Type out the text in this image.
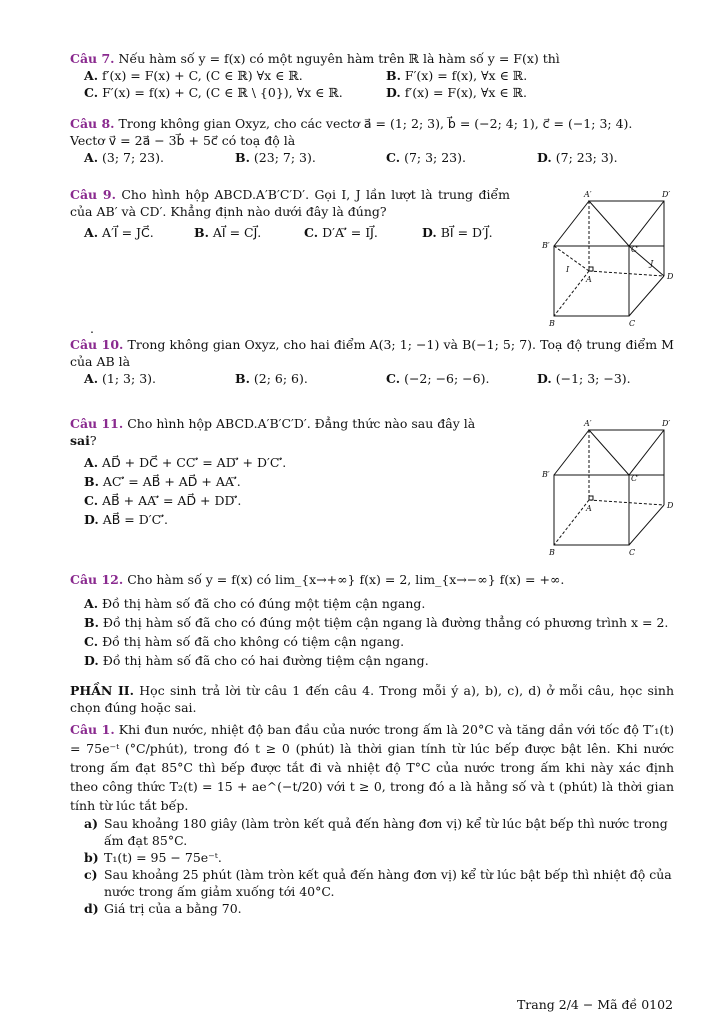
Câu 7. Nếu hàm số y = f(x) có một nguyên hàm trên ℝ là hàm số y = F(x) thì
A. f′(x) = F(x) + C, (C ∈ ℝ) ∀x ∈ ℝ.	B. F′(x) = f(x), ∀x ∈ ℝ.
C. F′(x) = f(x) + C, (C ∈ ℝ \ {0}), ∀x ∈ ℝ.	D. f′(x) = F(x), ∀x ∈ ℝ.
Câu 8. Trong không gian Oxyz, cho các vectơ a⃗ = (1; 2; 3), b⃗ = (−2; 4; 1), c⃗ = (−1; 3; 4).
Vectơ v⃗ = 2a⃗ − 3b⃗ + 5c⃗ có toạ độ là
A. (3; 7; 23).	B. (23; 7; 3).	C. (7; 3; 23).	D. (7; 23; 3).
Câu 9. Cho hình hộp ABCD.A′B′C′D′. Gọi I, J lần lượt là trung điểm của AB′ và CD′. Khẳng định nào dưới đây là đúng?
A. A′I⃗ = JC⃗.	B. AI⃗ = CJ⃗.	C. D′A′⃗ = IJ⃗.	D. BI⃗ = D′J⃗.
.
A′	D′
B′	C′
A
B	C
D
I
J
Câu 10. Trong không gian Oxyz, cho hai điểm A(3; 1; −1) và B(−1; 5; 7). Toạ độ trung điểm M của AB là
A. (1; 3; 3).	B. (2; 6; 6).	C. (−2; −6; −6).	D. (−1; 3; −3).
Câu 11. Cho hình hộp ABCD.A′B′C′D′. Đẳng thức nào sau đây là
sai?
A. AD⃗ + DC⃗ + CC′⃗ = AD′⃗ + D′C′⃗.
B. AC′⃗ = AB⃗ + AD⃗ + AA′⃗.
C. AB⃗ + AA′⃗ = AD⃗ + DD′⃗.
D. AB⃗ = D′C′⃗.
A′	D′
B′	C′
A
B	C
D
Câu 12. Cho hàm số y = f(x) có lim_{x→+∞} f(x) = 2, lim_{x→−∞} f(x) = +∞.
A. Đồ thị hàm số đã cho có đúng một tiệm cận ngang.
B. Đồ thị hàm số đã cho có đúng một tiệm cận ngang là đường thẳng có phương trình x = 2.
C. Đồ thị hàm số đã cho không có tiệm cận ngang.
D. Đồ thị hàm số đã cho có hai đường tiệm cận ngang.
PHẦN II. Học sinh trả lời từ câu 1 đến câu 4. Trong mỗi ý a), b), c), d) ở mỗi câu, học sinh chọn đúng hoặc sai.
Câu 1. Khi đun nước, nhiệt độ ban đầu của nước trong ấm là 20°C và tăng dần với tốc độ T′₁(t) = 75e⁻ᵗ (°C/phút), trong đó t ≥ 0 (phút) là thời gian tính từ lúc bếp được bật lên. Khi nước trong ấm đạt 85°C thì bếp được tắt đi và nhiệt độ T°C của nước trong ấm khi này xác định theo công thức T₂(t) = 15 + ae^(−t/20) với t ≥ 0, trong đó a là hằng số và t (phút) là thời gian tính từ lúc tắt bếp.
a) Sau khoảng 180 giây (làm tròn kết quả đến hàng đơn vị) kể từ lúc bật bếp thì nước trong ấm đạt 85°C.
b) T₁(t) = 95 − 75e⁻ᵗ.
c) Sau khoảng 25 phút (làm tròn kết quả đến hàng đơn vị) kể từ lúc bật bếp thì nhiệt độ của nước trong ấm giảm xuống tới 40°C.
d) Giá trị của a bằng 70.
Trang 2/4 − Mã đề 0102
